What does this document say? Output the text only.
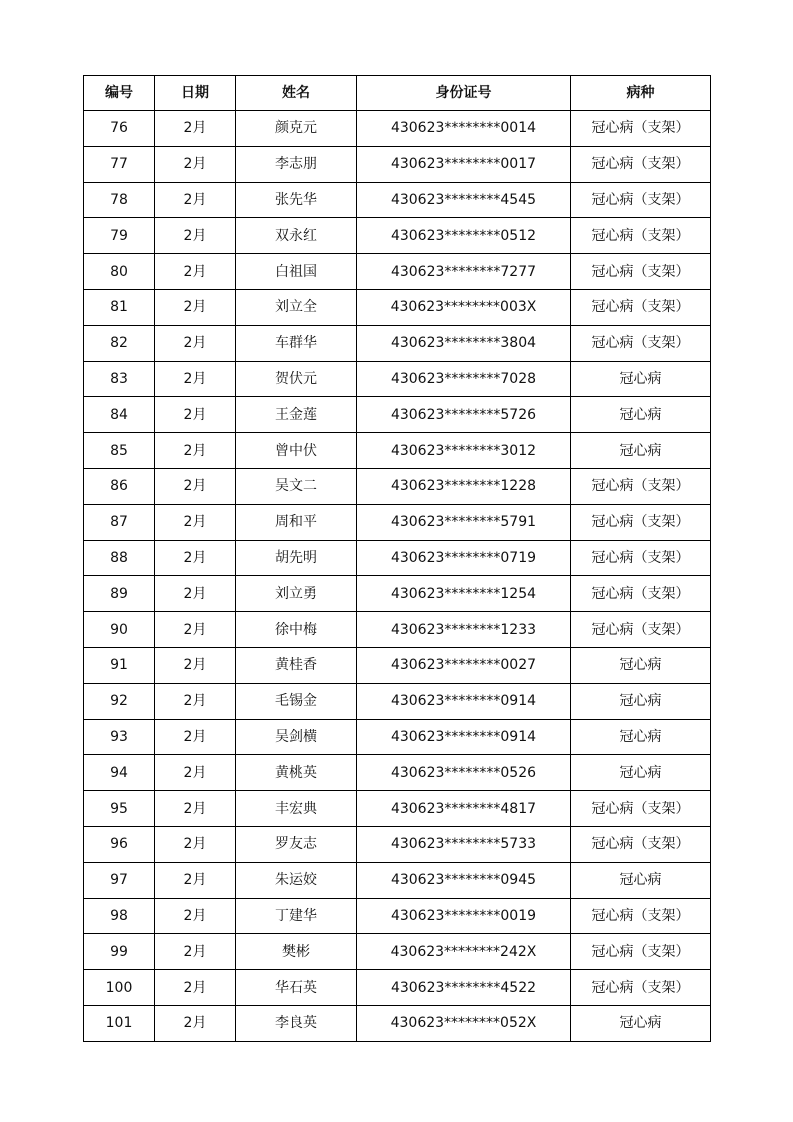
编号	日期	姓名	身份证号	病种
76	2月	颜克元	430623********0014	冠心病（支架）
77	2月	李志朋	430623********0017	冠心病（支架）
78	2月	张先华	430623********4545	冠心病（支架）
79	2月	双永红	430623********0512	冠心病（支架）
80	2月	白祖国	430623********7277	冠心病（支架）
81	2月	刘立全	430623********003X	冠心病（支架）
82	2月	车群华	430623********3804	冠心病（支架）
83	2月	贺伏元	430623********7028	冠心病
84	2月	王金莲	430623********5726	冠心病
85	2月	曾中伏	430623********3012	冠心病
86	2月	吴文二	430623********1228	冠心病（支架）
87	2月	周和平	430623********5791	冠心病（支架）
88	2月	胡先明	430623********0719	冠心病（支架）
89	2月	刘立勇	430623********1254	冠心病（支架）
90	2月	徐中梅	430623********1233	冠心病（支架）
91	2月	黄桂香	430623********0027	冠心病
92	2月	毛锡金	430623********0914	冠心病
93	2月	吴剑横	430623********0914	冠心病
94	2月	黄桃英	430623********0526	冠心病
95	2月	丰宏典	430623********4817	冠心病（支架）
96	2月	罗友志	430623********5733	冠心病（支架）
97	2月	朱运姣	430623********0945	冠心病
98	2月	丁建华	430623********0019	冠心病（支架）
99	2月	樊彬	430623********242X	冠心病（支架）
100	2月	华石英	430623********4522	冠心病（支架）
101	2月	李良英	430623********052X	冠心病
